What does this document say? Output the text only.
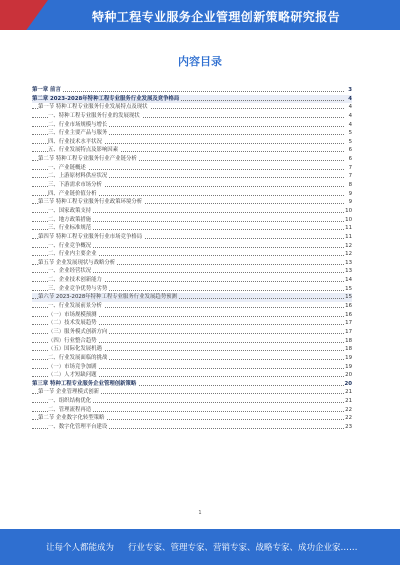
特种工程专业服务企业管理创新策略研究报告
内容目录
第一章 前言	3
第二章 2023-2028年特种工程专业服务行业发展及竞争格局	4
第一节 特种工程专业服务行业发展特点及现状	4
一、特种工程专业服务行业的发展现状	4
二、行业市场规模与增长	4
三、行业主要产品与服务	5
四、行业技术水平状况	5
五、行业发展特点及影响因素	6
第二节 特种工程专业服务行业产业链分析	6
一、产业链概述	7
二、上游原材料供应状况	7
三、下游需求市场分析	8
四、产业链价值分析	9
第三节 特种工程专业服务行业政策环境分析	9
一、国家政策支持	10
二、地方政策措施	10
三、行业标准规范	11
第四节 特种工程专业服务行业市场竞争格局	11
一、行业竞争概况	12
二、行业内主要企业	12
第五节 企业发展现状与战略分析	13
一、企业经营状况	13
二、企业技术创新能力	14
三、企业竞争优势与劣势	15
第六节 2023-2028年特种工程专业服务行业发展趋势预测	15
一、行业发展前景分析	16
（一）市场规模预测	16
（二）技术发展趋势	17
（三）服务模式创新方向	17
（四）行业整合趋势	18
（五）国际化发展机遇	18
二、行业发展面临的挑战	19
（一）市场竞争加剧	19
（二）人才短缺问题	20
第三章 特种工程专业服务企业管理创新策略	20
第一节 企业管理模式创新	21
一、组织结构优化	21
二、管理流程再造	22
第二节 企业数字化转型策略	22
一、数字化管理平台建设	23
1
让每个人都能成为 行业专家、管理专家、营销专家、战略专家、成功企业家……
